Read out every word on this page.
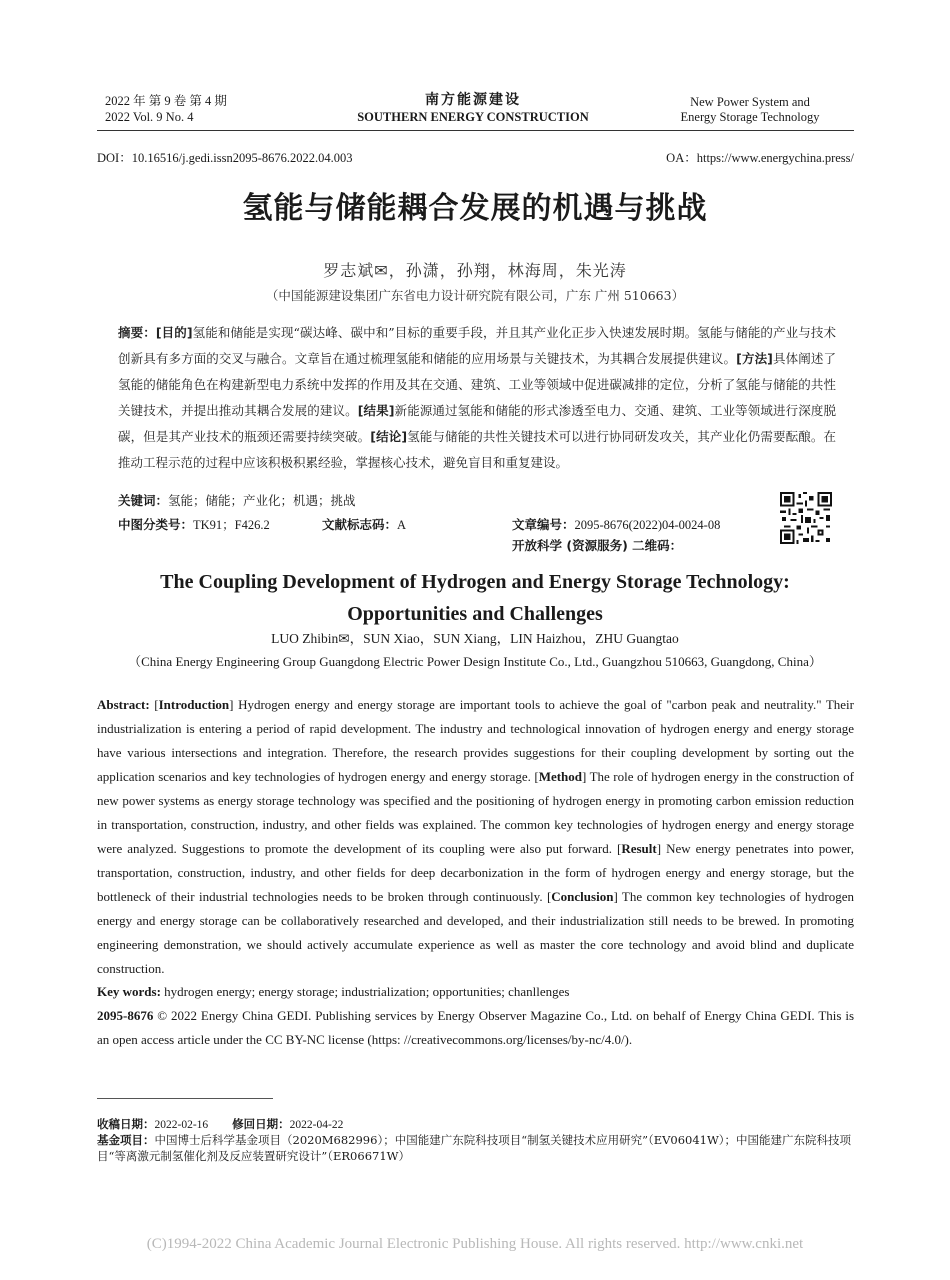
2022 年 第 9 卷 第 4 期
2022 Vol. 9 No. 4
南方能源建设
SOUTHERN ENERGY CONSTRUCTION
New Power System and
Energy Storage Technology
DOI：10.16516/j.gedi.issn2095-8676.2022.04.003	OA：https://www.energychina.press/
氢能与储能耦合发展的机遇与挑战
罗志斌✉，孙潇，孙翔，林海周，朱光涛
（中国能源建设集团广东省电力设计研究院有限公司，广东 广州 510663）
摘要：[目的]氢能和储能是实现“碳达峰、碳中和”目标的重要手段，并且其产业化正步入快速发展时期。氢能与储能的产业与技术创新具有多方面的交叉与融合。文章旨在通过梳理氢能和储能的应用场景与关键技术，为其耦合发展提供建议。[方法]具体阐述了氢能的储能角色在构建新型电力系统中发挥的作用及其在交通、建筑、工业等领域中促进碳减排的定位，分析了氢能与储能的共性关键技术，并提出推动其耦合发展的建议。[结果]新能源通过氢能和储能的形式渗透至电力、交通、建筑、工业等领域进行深度脱碳，但是其产业技术的瓶颈还需要持续突破。[结论]氢能与储能的共性关键技术可以进行协同研发攻关，其产业化仍需要酝酿。在推动工程示范的过程中应该积极积累经验，掌握核心技术，避免盲目和重复建设。
关键词：氢能；储能；产业化；机遇；挑战
中图分类号：TK91；F426.2	文献标志码：A	文章编号：2095-8676(2022)04-0024-08
开放科学 (资源服务) 二维码：
The Coupling Development of Hydrogen and Energy Storage Technology:
Opportunities and Challenges
LUO Zhibin✉，SUN Xiao，SUN Xiang，LIN Haizhou，ZHU Guangtao
（China Energy Engineering Group Guangdong Electric Power Design Institute Co., Ltd., Guangzhou 510663, Guangdong, China）
Abstract: [Introduction] Hydrogen energy and energy storage are important tools to achieve the goal of "carbon peak and neutrality." Their industrialization is entering a period of rapid development. The industry and technological innovation of hydrogen energy and energy storage have various intersections and integration. Therefore, the research provides suggestions for their coupling development by sorting out the application scenarios and key technologies of hydrogen energy and energy storage. [Method] The role of hydrogen energy in the construction of new power systems as energy storage technology was specified and the positioning of hydrogen energy in promoting carbon emission reduction in transportation, construction, industry, and other fields was explained. The common key technologies of hydrogen energy and energy storage were analyzed. Suggestions to promote the development of its coupling were also put forward. [Result] New energy penetrates into power, transportation, construction, industry, and other fields for deep decarbonization in the form of hydrogen energy and energy storage, but the bottleneck of their industrial technologies needs to be broken through continuously. [Conclusion] The common key technologies of hydrogen energy and energy storage can be collaboratively researched and developed, and their industrialization still needs to be brewed. In promoting engineering demonstration, we should actively accumulate experience as well as master the core technology and avoid blind and duplicate construction.
Key words: hydrogen energy; energy storage; industrialization; opportunities; chanllenges
2095-8676 © 2022 Energy China GEDI. Publishing services by Energy Observer Magazine Co., Ltd. on behalf of Energy China GEDI. This is an open access article under the CC BY-NC license (https: //creativecommons.org/licenses/by-nc/4.0/).
收稿日期：2022-02-16 修回日期：2022-04-22
基金项目：中国博士后科学基金项目（2020M682996）；中国能建广东院科技项目“制氢关键技术应用研究”（EV06041W）；中国能建广东院科技项目“等离激元制氢催化剂及反应装置研究设计”（ER06671W）
(C)1994-2022 China Academic Journal Electronic Publishing House. All rights reserved. http://www.cnki.net
